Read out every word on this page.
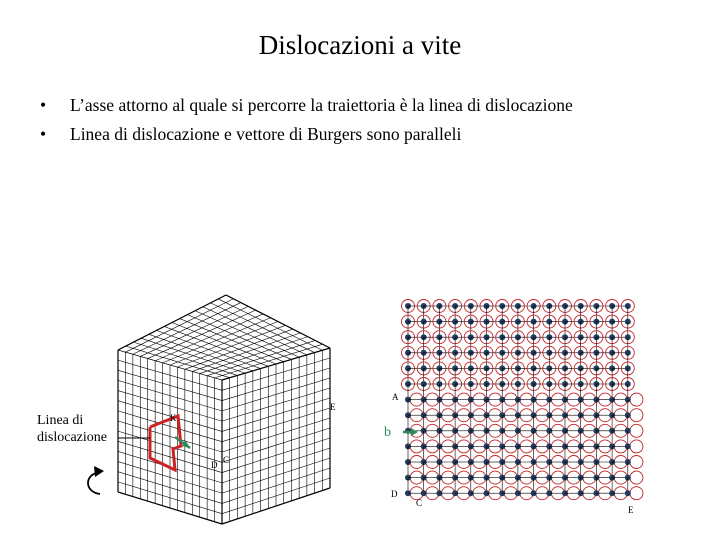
Dislocazioni a vite
• L’asse attorno al quale si percorre la traiettoria è la linea di dislocazione
• Linea di dislocazione e vettore di Burgers sono paralleli
Linea di
dislocazione
E
K
D C
A
b
D
C
E
